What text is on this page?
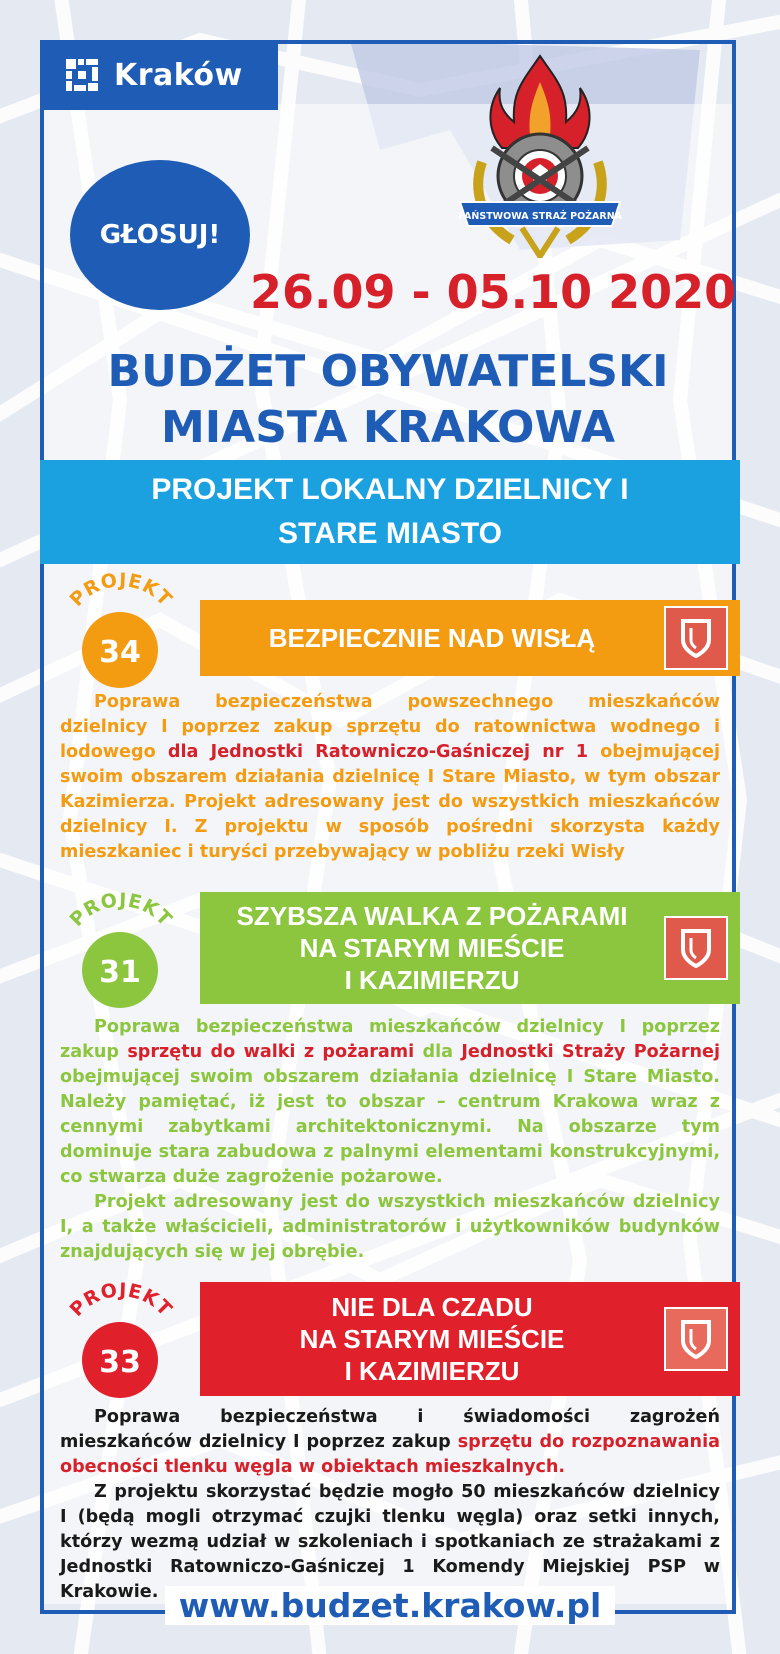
Kraków
GŁOSUJ!
PAŃSTWOWA STRAŻ POŻARNA
26.09 - 05.10 2020
BUDŻET OBYWATELSKI
MIASTA KRAKOWA
PROJEKT LOKALNY DZIELNICY I
STARE MIASTO
PROJEKT
34	BEZPIECZNIE NAD WISŁĄ

Poprawa bezpieczeństwa powszechnego mieszkańców dzielnicy I poprzez zakup sprzętu do ratownictwa wodnego i lodowego dla Jednostki Ratowniczo-Gaśniczej nr 1 obejmującej swoim obszarem działania dzielnicę I Stare Miasto, w tym obszar Kazimierza. Projekt adresowany jest do wszystkich mieszkańców dzielnicy I. Z projektu w sposób pośredni skorzysta każdy mieszkaniec i turyści przebywający w pobliżu rzeki Wisły

PROJEKT
31
SZYBSZA WALKA Z POŻARAMI
NA STARYM MIEŚCIE
I KAZIMIERZU

Poprawa bezpieczeństwa mieszkańców dzielnicy I poprzez zakup sprzętu do walki z pożarami dla Jednostki Straży Pożarnej obejmującej swoim obszarem działania dzielnicę I Stare Miasto. Należy pamiętać, iż jest to obszar – centrum Krakowa wraz z cennymi zabytkami architektonicznymi. Na obszarze tym dominuje stara zabudowa z palnymi elementami konstrukcyjnymi, co stwarza duże zagrożenie pożarowe.

Projekt adresowany jest do wszystkich mieszkańców dzielnicy I, a także właścicieli, administratorów i użytkowników budynków znajdujących się w jej obrębie.

PROJEKT
33
NIE DLA CZADU
NA STARYM MIEŚCIE
I KAZIMIERZU

Poprawa bezpieczeństwa i świadomości zagrożeń mieszkańców dzielnicy I poprzez zakup sprzętu do rozpoznawania obecności tlenku węgla w obiektach mieszkalnych.

Z projektu skorzystać będzie mogło 50 mieszkańców dzielnicy I (będą mogli otrzymać czujki tlenku węgla) oraz setki innych, którzy wezmą udział w szkoleniach i spotkaniach ze strażakami z Jednostki Ratowniczo-Gaśniczej 1 Komendy Miejskiej PSP w Krakowie. www.budzet.krakow.pl
